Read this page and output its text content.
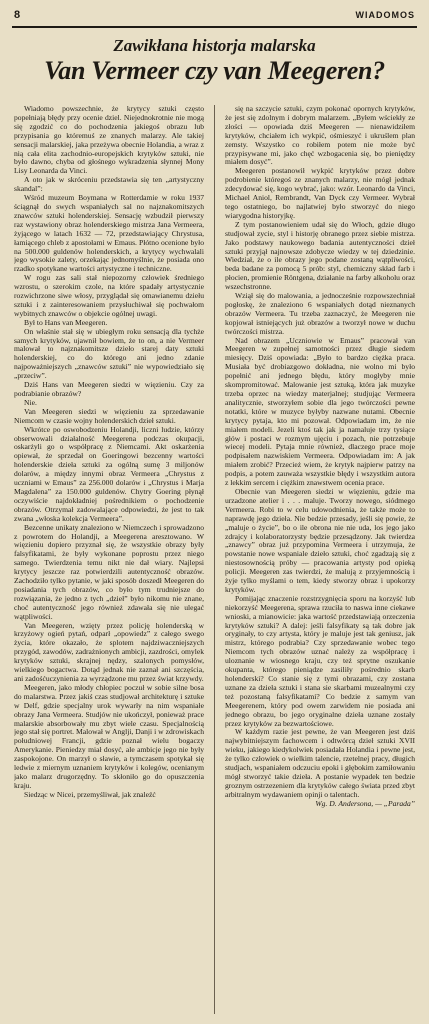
8	WIADOMOS
Zawikłana historja malarska
Van Vermeer czy van Meegeren?

Wiadomo powszechnie, że krytycy sztuki często popełniają błędy przy ocenie dziel. Niejednokrotnie nie mogą się zgodzić co do pochodzenia jakiegoś obrazu lub przypisania go któremuś ze znanych malarzy. Ale takiej sensacji malarskiej, jaka przeżywa obecnie Holandia, a wraz z nią cała elita zachodnio-europejskich krytyków sztuki, nie było dawno, chyba od głośnego wykradzenia słynnej Mony Lisy Leonarda da Vinci.

A oto jak w skróceniu przedstawia się ten „artystyczny skandal”:

Wśród muzeum Boymana w Rotterdamie w roku 1937 ściągnął do swych wspaniałych sal no najznakomitszych znawców sztuki holenderskiej. Sensację wzbudził pierwszy raz wystawiony obraz holenderskiego mistrza Jana Vermeera, żyjącego w latach 1632 — 72, przedstawiający Chrystusa, łamiącego chleb z apostołami w Emaus. Płótno ocenione było na 500.000 guldenów holenderskich, a krytycy wychwalali jego wysokie zalety, orzekając jednomyślnie, że posiada ono rzadko spotykane wartości artystyczne i techniczne.

W rogu zas sali stał niepozorny człowiek średniego wzrostu, o szerokim czole, na które spadały artystycznie rozwichrzone siwe włosy, przyglądał się omawianemu dziełu sztuki i z zainteresowaniem przysłuchiwał się pochwałom wybitnych znawców o objekcie ogólnej uwagi.

Był to Hans van Meegeren.

On właśnie stał się w ubiegłym roku sensacją dla tychże samych krytyków, ujawnił bowiem, że to on, a nie Vermeer malował to najznakomitsze dzieło starej daty sztuki holenderskiej, co do którego ani jedno zdanie najpoważniejszych „znawców sztuki” nie wypowiedziało się „przeciw”.

Dziś Hans van Meegeren siedzi w więzieniu. Czy za podrabianie obrazów?

Nie.

Van Meegeren siedzi w więzieniu za sprzedawanie Niemcom w czasie wojny holenderskich dzieł sztuki.

Wkrótce po oswobodzeniu Holandji, liczni ludzie, którzy obserwowali działalność Meegerena podczas okupacji, oskarżyli go o współpracę z Niemcami. Akt oskarżenia opiewał, że sprzedał on Goeringowi bezcenny wartości holenderskie dzieła sztuki za ogólną sumę 3 miljonów dolarów, a między innymi obraz Vermeera „Chrystus z uczniami w Emaus” za 256.000 dolarów i „Chrystus i Marja Magdalena” za 150.000 guldenów. Chytry Goering płynął oczywiście najdokładniej pośrednikiem o pochodzenie obrazów. Otrzymał zadowalające odpowiedzi, że jest to tak zwana „włoska kolekcja Vermeera”.

Bezcenne unikaty znaleziono w Niemczech i sprowadzono z powrotem do Holandji, a Meegerena aresztowano. W więzieniu dopiero przyznał się, że wszystkie obrazy były falsyfikatami, że były wykonane poprostu przez niego samego. Twierdzenia temu nikt nie dał wiary. Najlepsi krytycy jeszcze raz potwierdzili autentyczność obrazów. Zachodziło tylko pytanie, w jaki sposób doszedł Meegeren do posiadania tych obrazów, co było tym trudniejsze do rozwiązania, że jedno z tych „dzieł” było nikomu nie znane, choć autentyczność jego również zdawała się nie ulegać wątpliwości.

Van Meegeren, wzięty przez policję holenderską w krzyżowy ogień pytań, odparł „opowiedz” z całego swego życia, które okazało, że splotem najdziwaczniejszych przygód, zawodów, zadrażnionych ambicji, zazdrości, omylek krytyków sztuki, skrajnej nędzy, szalonych pomysłów, wielkiego bogactwa. Dotąd jednak nie zaznał ani szczęścia, ani zadośćuczynienia za wyrządzone mu przez świat krzywdy.

Meegeren, jako młody chłopiec poczuł w sobie silne bosa do malarstwa. Przez jakiś czas studjował architekturę i sztuke w Delf, gdzie specjalny urok wywarły na nim wspaniałe obrazy Jana Vermeera. Studjów nie ukończył, ponieważ prace malarskie absorbowały mu zbyt wiele czasu. Specjalnością jego stał się portret. Malował w Anglji, Danji i w zdrowiskach południowej Francji, gdzie poznał wielu bogaczy Amerykanie. Pieniedzy miał dosyć, ale ambicje jego nie były zaspokojone. On marzył o sławie, a tymczasem spotykał się ledwie z miernym uznaniem krytyków i kolegów, ocenianym jako malarz drugorzędny. To skłoniło go do opuszczenia kraju.

Siedząc w Nicei, przemyśliwał, jak znaleźć

się na szczycie sztuki, czym pokonać opornych krytyków, że jest się zdolnym i dobrym malarzem. „Byłem wściekły ze złości — opowiada dziś Meegeren — nienawidziłem krytyków, chciałem ich wykpić, ośmieszyć i ukruślem plan zemsty. Wszystko co robiłem potem nie może być przypisywane mi, jako chęć wzbogacenia się, bo pieniędzy miałem dosyć”.

Meegeren postanowił wykpić krytyków przez dobre podrobienie któregoś ze znanych malarzy, nie mógł jednak zdecydować się, kogo wybrać, jako: wzór. Leonardo da Vinci, Michael Aniol, Rembrandt, Van Dyck czy Vermeer. Wybrał tego ostatniego, bo najlatwiej było stworzyć do niego wiarygodna historyjkę.

Z tym postanowieniem udał się do Włoch, gdzie długo studjował zycie, styl i historję obranego przez siebie mistrza. Jako podstawy naukowego badania autentyczności dzieł sztuki przyjął najnowsze zdobycze wiedzy w tej dziedzinie. Wiedział, że o ile obrazy jego podane zostaną wątpliwości, beda badane za pomocą 5 prób: styl, chemiczny skład farb i płocien, promienie Röntgena, działanie na farby alkoholu oraz wszechstronne.

Wziął się do malowania, a jednocześnie rozpowszechniał pogłoskę, że znaleziono 6 wspaniałych dotąd nieznanych obrazów Vermeera. Tu trzeba zaznaczyć, że Meegeren nie kopjował istniejących już obrazów a tworzył nowe w duchu twórczości mistrza.

Nad obrazem „Uczniowie w Emaus” pracował van Meegeren w zupełnej samotności przez długie siedem miesięcy. Dziś opowiada: „Było to bardzo ciężka praca. Musiała być drobiazgowo dokładna, nie wolno mi było popełnić ani jednego błędu, który mogłyby mnie skompromitować. Malowanie jest sztuką, która jak muzyke trzeba oprzec na wiedzy materjalnej; studjując Vermeera analitycznie, stworzyłem sobie dla jego twórczości pewne notatki, które w muzyce byłyby nazwane nutami. Obecnie krytycy pytaja, kto mi pozował. Odpowiadam im, że nie miałem modeli. Jezeli ktoś tak jak ja namaluje trzy tysiące głów i postaci w rozmym ujęciu i pozach, nie potrzebuje wiecej modeli. Pytaja mnie również, dlaczego prace moje podpisałem nazwiskiem Vermeera. Odpowiadam im: A jak miałem zrobić? Przecież wiem, że krytyk najpierw patrzy na podpis, a potem zauważa wszystkie błędy i wszystkim autora z lekkim sercem i ciężkim znawstwem ocenia prace.

Obecnie van Meegeren siedzi w więzieniu, gdzie ma urzadzone atelier i . . . maluje. Tworzy nowego, siódmego Vermeera. Robi to w celu udowodnienia, że także może to naprawdę jego dzieła. Nie bedzie przesady, jeśli się powie, że „maluje o życie”, bo o ile obrona nie nie uda, los jego jako zdrajcy i kolaboratorzysty będzie przesądzony. Jak twierdza „znawcy” obraz już przypomina Vermeera i utrzymuja, że powstanie nowe wspaniale dzieło sztuki, choć zgadzają się z niestosownością próby — pracowania artysty pod opieką policji. Meegeren zas twierdzi, że malują z przyjemnością i żyje tylko myślami o tem, kiedy stworzy obraz i upokorzy krytyków.

Pomijając znaczenie rozstrzygnięcia sporu na korzyść lub niekorzyść Meegerena, sprawa rzuciła to naswa inne ciekawe wnioski, a mianowicie: jaka wartość przedstawiają orzeczenia krytyków sztuki? A dalej: jeśli falsyfikaty są tak dobre jak oryginały, to czy artysta, który je maluje jest tak geniusz, jak mistrz, którego podrabia? Czy sprzedawanie wobec tego Niemcom tych obrazów uznać należy za współpracę i uloznanie w wiosnego kraju, czy też sprytne oszukanie okupanta, którego pieniądze zasiliły pośrednio skarb holenderski? Co stanie się z tymi obrazami, czy zostana uznane za dzieła sztuki i stana sie skarbami muzealnymi czy też pozostaną falsyfikatami? Co bedzie z samym van Meegerenem, który pod owem zarwidem nie posiada ani jednego obrazu, bo jego oryginalne dzieła uznane zostały przez krytyków za bezwartościowe.

W każdym razie jest pewne, że van Meegeren jest dziś najwybitniejszym fachowcem i odtwórcą dzieł sztuki XVII wieku, jakiego kiedykolwiek posiadała Holandia i pewne jest, że tylko człowiek o wielkim talencie, rzetelnej pracy, długich studjach, wspaniałem odczuciu epoki i głębokim zamiłowaniu mógł stworzyć takie dzieła. A postanie wypadek ten bedzie groznym ostrzezeniem dla krytyków całego świata przed zbyt arbitralnym wydawaniem opinji o talentach.

Wg. D. Andersona, — „Parada”
